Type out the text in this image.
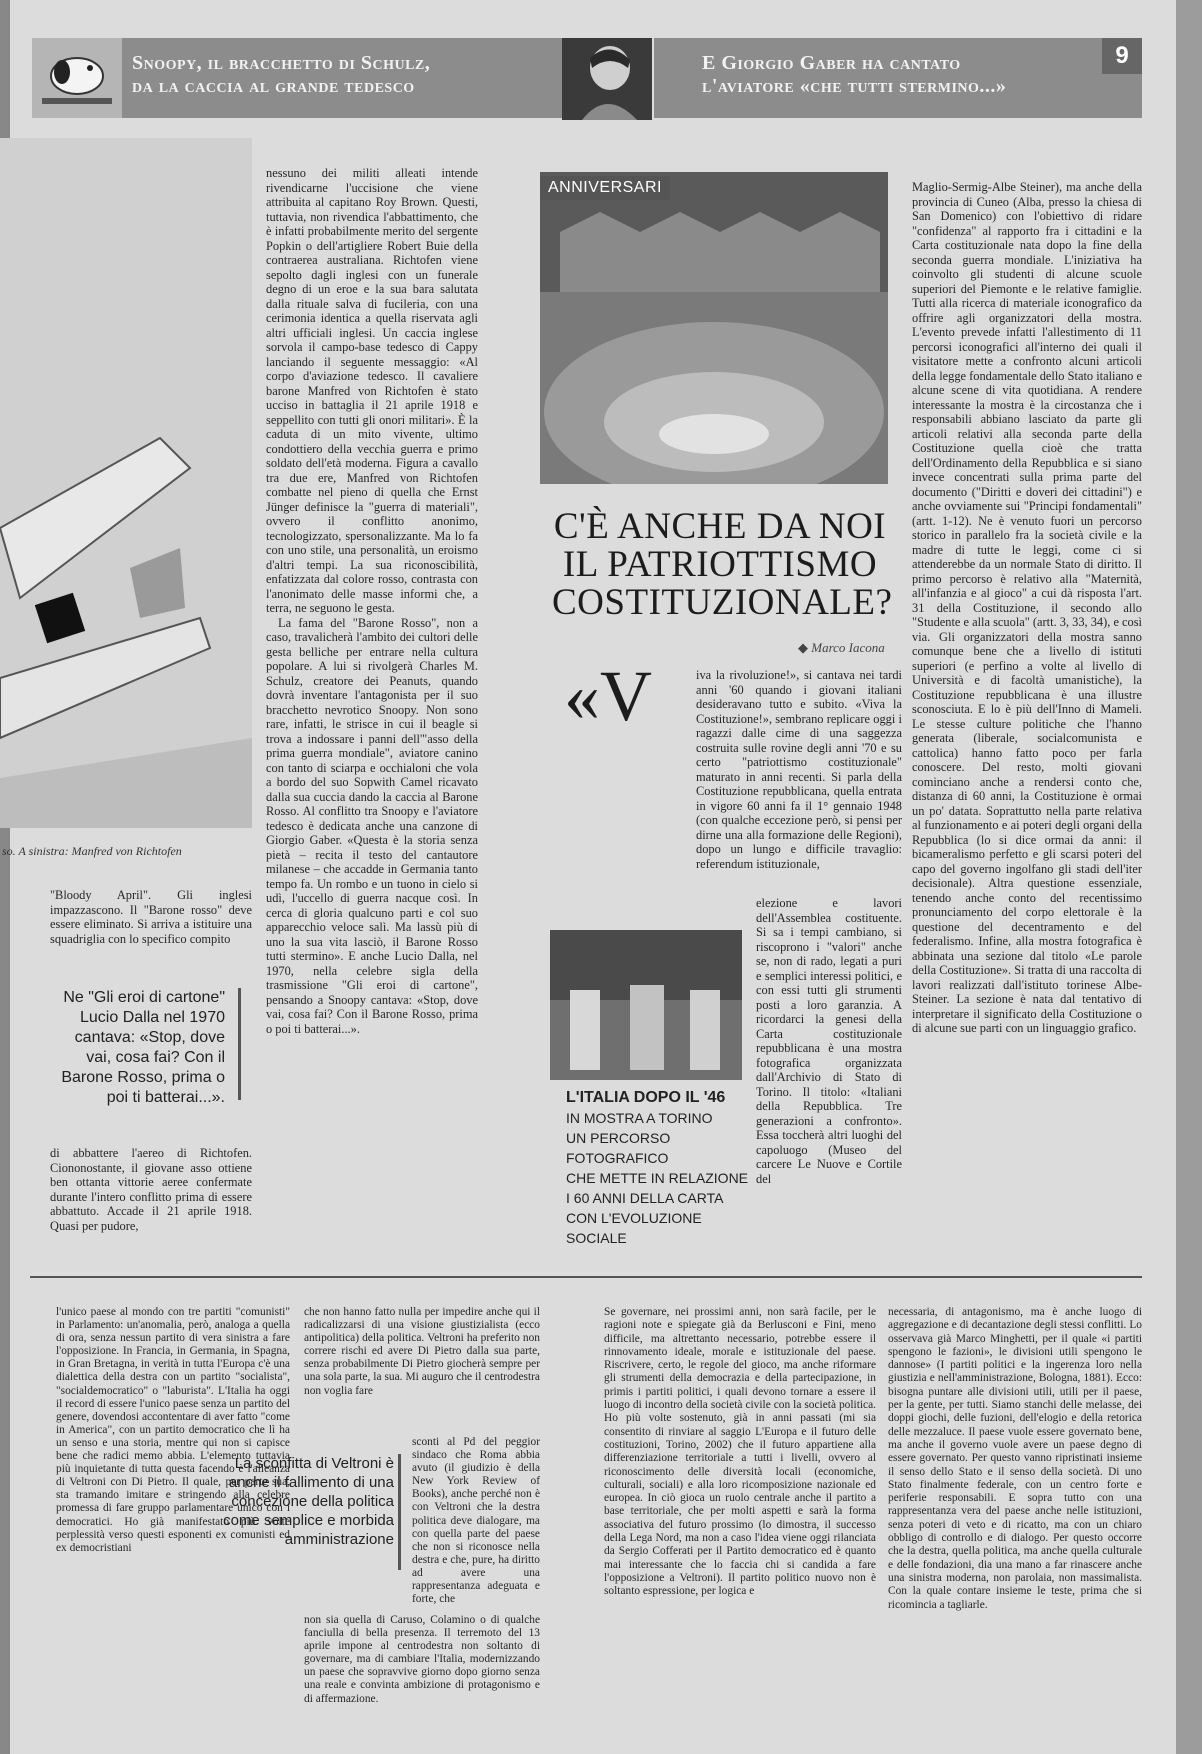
Snoopy, il bracchetto di Schulz,
da la caccia al grande tedesco
E Giorgio Gaber ha cantato
l'aviatore «che tutti stermino...»
9
so. A sinistra: Manfred von Richtofen

"Bloody April". Gli inglesi impazzascono. Il "Barone rosso" deve essere eliminato. Si arriva a istituire una squadriglia con lo specifico compito

Ne "Gli eroi di cartone" Lucio Dalla nel 1970 cantava: «Stop, dove vai, cosa fai? Con il Barone Rosso, prima o poi ti batterai...».

di abbattere l'aereo di Richtofen. Ciononostante, il giovane asso ottiene ben ottanta vittorie aeree confermate durante l'intero conflitto prima di essere abbattuto. Accade il 21 aprile 1918. Quasi per pudore,

nessuno dei militi alleati intende rivendicarne l'uccisione che viene attribuita al capitano Roy Brown. Questi, tuttavia, non rivendica l'abbattimento, che è infatti probabilmente merito del sergente Popkin o dell'artigliere Robert Buie della contraerea australiana. Richtofen viene sepolto dagli inglesi con un funerale degno di un eroe e la sua bara salutata dalla rituale salva di fucileria, con una cerimonia identica a quella riservata agli altri ufficiali inglesi. Un caccia inglese sorvola il campo-base tedesco di Cappy lanciando il seguente messaggio: «Al corpo d'aviazione tedesco. Il cavaliere barone Manfred von Richtofen è stato ucciso in battaglia il 21 aprile 1918 e seppellito con tutti gli onori militari». È la caduta di un mito vivente, ultimo condottiero della vecchia guerra e primo soldato dell'età moderna. Figura a cavallo tra due ere, Manfred von Richtofen combatte nel pieno di quella che Ernst Jünger definisce la "guerra di materiali", ovvero il conflitto anonimo, tecnologizzato, spersonalizzante. Ma lo fa con uno stile, una personalità, un eroismo d'altri tempi. La sua riconoscibilità, enfatizzata dal colore rosso, contrasta con l'anonimato delle masse informi che, a terra, ne seguono le gesta.

La fama del "Barone Rosso", non a caso, travalicherà l'ambito dei cultori delle gesta belliche per entrare nella cultura popolare. A lui si rivolgerà Charles M. Schulz, creatore dei Peanuts, quando dovrà inventare l'antagonista per il suo bracchetto nevrotico Snoopy. Non sono rare, infatti, le strisce in cui il beagle si trova a indossare i panni dell'"asso della prima guerra mondiale", aviatore canino con tanto di sciarpa e occhialoni che vola a bordo del suo Sopwith Camel ricavato dalla sua cuccia dando la caccia al Barone Rosso. Al conflitto tra Snoopy e l'aviatore tedesco è dedicata anche una canzone di Giorgio Gaber. «Questa è la storia senza pietà – recita il testo del cantautore milanese – che accadde in Germania tanto tempo fa. Un rombo e un tuono in cielo si udì, l'uccello di guerra nacque così. In cerca di gloria qualcuno parti e col suo apparecchio veloce salì. Ma lassù più di uno la sua vita lasciò, il Barone Rosso tutti stermino». E anche Lucio Dalla, nel 1970, nella celebre sigla della trasmissione "Gli eroi di cartone", pensando a Snoopy cantava: «Stop, dove vai, cosa fai? Con il Barone Rosso, prima o poi ti batterai...».

ANNIVERSARI
C'È ANCHE DA NOI
IL PATRIOTTISMO
COSTITUZIONALE?
◆ Marco Iacona
«V	iva la rivoluzione!», si cantava nei tardi anni '60 quando i giovani italiani desideravano tutto e subito. «Viva la Costituzione!», sembrano replicare oggi i ragazzi dalle cime di una saggezza costruita sulle rovine degli anni '70 e su certo "patriottismo costituzionale" maturato in anni recenti. Si parla della Costituzione repubblicana, quella entrata in vigore 60 anni fa il 1° gennaio 1948 (con qualche eccezione però, si pensi per dirne una alla formazione delle Regioni), dopo un lungo e difficile travaglio: referendum istituzionale,

L'ITALIA DOPO IL '46
IN MOSTRA A TORINO
UN PERCORSO FOTOGRAFICO
CHE METTE IN RELAZIONE
I 60 ANNI DELLA CARTA
CON L'EVOLUZIONE SOCIALE

elezione e lavori dell'Assemblea costituente. Si sa i tempi cambiano, si riscoprono i "valori" anche se, non di rado, legati a puri e semplici interessi politici, e con essi tutti gli strumenti posti a loro garanzia. A ricordarci la genesi della Carta costituzionale repubblicana è una mostra fotografica organizzata dall'Archivio di Stato di Torino. Il titolo: «Italiani della Repubblica. Tre generazioni a confronto». Essa toccherà altri luoghi del capoluogo (Museo del carcere Le Nuove e Cortile del

Maglio-Sermig-Albe Steiner), ma anche della provincia di Cuneo (Alba, presso la chiesa di San Domenico) con l'obiettivo di ridare "confidenza" al rapporto fra i cittadini e la Carta costituzionale nata dopo la fine della seconda guerra mondiale. L'iniziativa ha coinvolto gli studenti di alcune scuole superiori del Piemonte e le relative famiglie. Tutti alla ricerca di materiale iconografico da offrire agli organizzatori della mostra. L'evento prevede infatti l'allestimento di 11 percorsi iconografici all'interno dei quali il visitatore mette a confronto alcuni articoli della legge fondamentale dello Stato italiano e alcune scene di vita quotidiana. A rendere interessante la mostra è la circostanza che i responsabili abbiano lasciato da parte gli articoli relativi alla seconda parte della Costituzione quella cioè che tratta dell'Ordinamento della Repubblica e si siano invece concentrati sulla prima parte del documento ("Diritti e doveri dei cittadini") e anche ovviamente sui "Principi fondamentali" (artt. 1-12). Ne è venuto fuori un percorso storico in parallelo fra la società civile e la madre di tutte le leggi, come ci si attenderebbe da un normale Stato di diritto. Il primo percorso è relativo alla "Maternità, all'infanzia e al gioco" a cui dà risposta l'art. 31 della Costituzione, il secondo allo "Studente e alla scuola" (artt. 3, 33, 34), e così via. Gli organizzatori della mostra sanno comunque bene che a livello di istituti superiori (e perfino a volte al livello di Università e di facoltà umanistiche), la Costituzione repubblicana è una illustre sconosciuta. E lo è più dell'Inno di Mameli. Le stesse culture politiche che l'hanno generata (liberale, socialcomunista e cattolica) hanno fatto poco per farla conoscere. Del resto, molti giovani cominciano anche a rendersi conto che, distanza di 60 anni, la Costituzione è ormai un po' datata. Soprattutto nella parte relativa al funzionamento e ai poteri degli organi della Repubblica (lo si dice ormai da anni: il bicameralismo perfetto e gli scarsi poteri del capo del governo ingolfano gli stadi dell'iter decisionale). Altra questione essenziale, tenendo anche conto del recentissimo pronunciamento del corpo elettorale è la questione del decentramento e del federalismo. Infine, alla mostra fotografica è abbinata una sezione dal titolo «Le parole della Costituzione». Si tratta di una raccolta di lavori realizzati dall'istituto torinese Albe-Steiner. La sezione è nata dal tentativo di interpretare il significato della Costituzione o di alcune sue parti con un linguaggio grafico.

l'unico paese al mondo con tre partiti "comunisti" in Parlamento: un'anomalia, però, analoga a quella di ora, senza nessun partito di vera sinistra a fare l'opposizione. In Francia, in Germania, in Spagna, in Gran Bretagna, in verità in tutta l'Europa c'è una dialettica della destra con un partito "socialista", "socialdemocratico" o "laburista". L'Italia ha oggi il record di essere l'unico paese senza un partito del genere, dovendosi accontentare di aver fatto "come in America", con un partito democratico che lì ha un senso e una storia, mentre qui non si capisce bene che radici memo abbia. L'elemento tuttavia più inquietante di tutta questa facendo è l'alleanza di Veltroni con Di Pietro. Il quale, per parte sua, sta tramando imitare e stringendo alla celebre promessa di fare gruppo parlamentare unico con i democratici. Ho già manifestato più volte perplessità verso questi esponenti ex comunisti ed ex democristiani

che non hanno fatto nulla per impedire anche qui il radicalizzarsi di una visione giustizialista (ecco antipolitica) della politica. Veltroni ha preferito non correre rischi ed avere Di Pietro dalla sua parte, senza probabilmente Di Pietro giocherà sempre per una sola parte, la sua. Mi auguro che il centrodestra non voglia fare

La sconfitta di Veltroni è anche il fallimento di una concezione della politica come semplice e morbida amministrazione

sconti al Pd del peggior sindaco che Roma abbia avuto (il giudizio è della New York Review of Books), anche perché non è con Veltroni che la destra politica deve dialogare, ma con quella parte del paese che non si riconosce nella destra e che, pure, ha diritto ad avere una rappresentanza adeguata e forte, che

non sia quella di Caruso, Colamino o di qualche fanciulla di bella presenza. Il terremoto del 13 aprile impone al centrodestra non soltanto di governare, ma di cambiare l'Italia, modernizzando un paese che sopravvive giorno dopo giorno senza una reale e convinta ambizione di protagonismo e di affermazione.

Se governare, nei prossimi anni, non sarà facile, per le ragioni note e spiegate già da Berlusconi e Fini, meno difficile, ma altrettanto necessario, potrebbe essere il rinnovamento ideale, morale e istituzionale del paese. Riscrivere, certo, le regole del gioco, ma anche riformare gli strumenti della democrazia e della partecipazione, in primis i partiti politici, i quali devono tornare a essere il luogo di incontro della società civile con la società politica. Ho più volte sostenuto, già in anni passati (mi sia consentito di rinviare al saggio L'Europa e il futuro delle costituzioni, Torino, 2002) che il futuro appartiene alla differenziazione territoriale a tutti i livelli, ovvero al riconoscimento delle diversità locali (economiche, culturali, sociali) e alla loro ricomposizione nazionale ed europea. In ciò gioca un ruolo centrale anche il partito a base territoriale, che per molti aspetti e sarà la forma associativa del futuro prossimo (lo dimostra, il successo della Lega Nord, ma non a caso l'idea viene oggi rilanciata da Sergio Cofferati per il Partito democratico ed è quanto mai interessante che lo faccia chi si candida a fare l'opposizione a Veltroni). Il partito politico nuovo non è soltanto espressione, per logica e

necessaria, di antagonismo, ma è anche luogo di aggregazione e di decantazione degli stessi conflitti. Lo osservava già Marco Minghetti, per il quale «i partiti spengono le fazioni», le divisioni utili spengono le dannose» (I partiti politici e la ingerenza loro nella giustizia e nell'amministrazione, Bologna, 1881). Ecco: bisogna puntare alle divisioni utili, utili per il paese, per la gente, per tutti. Siamo stanchi delle melasse, dei doppi giochi, delle fuzioni, dell'elogio e della retorica delle mezzaluce. Il paese vuole essere governato bene, ma anche il governo vuole avere un paese degno di essere governato. Per questo vanno ripristinati insieme il senso dello Stato e il senso della società. Di uno Stato finalmente federale, con un centro forte e periferie responsabili. E sopra tutto con una rappresentanza vera del paese anche nelle istituzioni, senza poteri di veto e di ricatto, ma con un chiaro obbligo di controllo e di dialogo. Per questo occorre che la destra, quella politica, ma anche quella culturale e delle fondazioni, dia una mano a far rinascere anche una sinistra moderna, non parolaia, non massimalista. Con la quale contare insieme le teste, prima che si ricomincia a tagliarle.
